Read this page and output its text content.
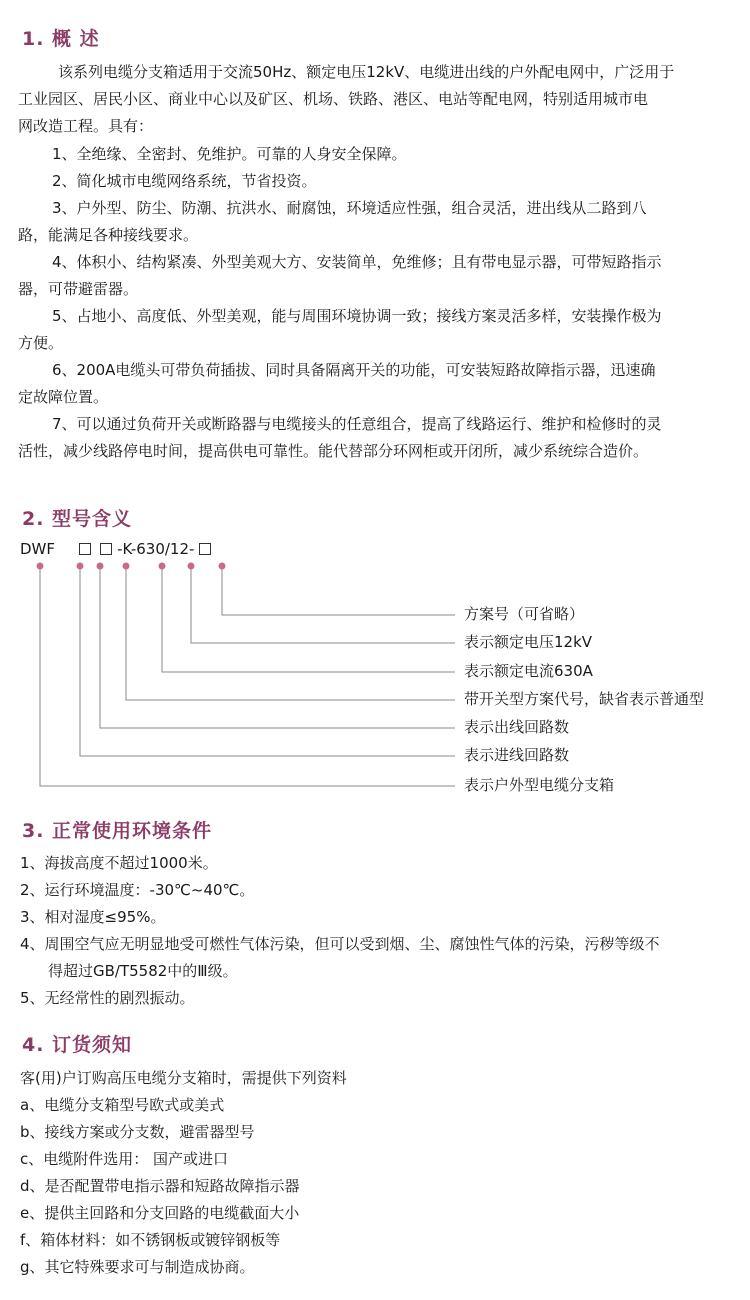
1. 概 述
该系列电缆分支箱适用于交流50Hz、额定电压12kV、电缆进出线的户外配电网中，广泛用于
工业园区、居民小区、商业中心以及矿区、机场、铁路、港区、电站等配电网，特别适用城市电
网改造工程。具有：
1、全绝缘、全密封、免维护。可靠的人身安全保障。
2、简化城市电缆网络系统，节省投资。
3、户外型、防尘、防潮、抗洪水、耐腐蚀，环境适应性强，组合灵活，进出线从二路到八
路，能满足各种接线要求。
4、体积小、结构紧凑、外型美观大方、安装简单，免维修；且有带电显示器，可带短路指示
器，可带避雷器。
5、占地小、高度低、外型美观，能与周围环境协调一致；接线方案灵活多样，安装操作极为
方便。
6、200A电缆头可带负荷插拔、同时具备隔离开关的功能，可安装短路故障指示器，迅速确
定故障位置。
7、可以通过负荷开关或断路器与电缆接头的任意组合，提高了线路运行、维护和检修时的灵
活性，减少线路停电时间，提高供电可靠性。能代替部分环网柜或开闭所，减少系统综合造价。
2. 型号含义
DWF	-K-630/12-
方案号（可省略）
表示额定电压12kV
表示额定电流630A
带开关型方案代号，缺省表示普通型
表示出线回路数
表示进线回路数
表示户外型电缆分支箱
3. 正常使用环境条件
1、海拔高度不超过1000米。
2、运行环境温度：-30℃~40℃。
3、相对湿度≤95%。
4、周围空气应无明显地受可燃性气体污染，但可以受到烟、尘、腐蚀性气体的污染，污秽等级不
得超过GB/T5582中的Ⅲ级。
5、无经常性的剧烈振动。
4. 订货须知
客(用)户订购高压电缆分支箱时，需提供下列资料
a、电缆分支箱型号欧式或美式
b、接线方案或分支数，避雷器型号
c、电缆附件选用： 国产或进口
d、是否配置带电指示器和短路故障指示器
e、提供主回路和分支回路的电缆截面大小
f、箱体材料：如不锈钢板或镀锌钢板等
g、其它特殊要求可与制造成协商。
